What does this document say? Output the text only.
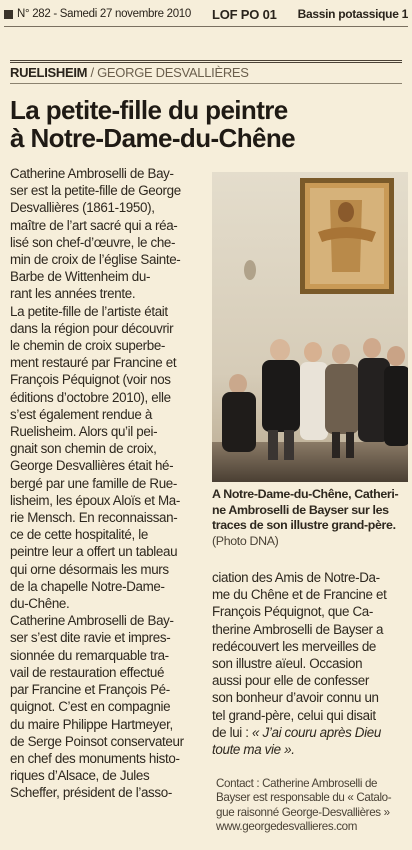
N° 282 - Samedi 27 novembre 2010 LOF PO 01 Bassin potassique 1
RUELISHEIM / GEORGE DESVALLIÈRES
La petite-fille du peintre
à Notre-Dame-du-Chêne
Catherine Ambroselli de Bay-
ser est la petite-fille de George
Desvallières (1861-1950),
maître de l’art sacré qui a réa-
lisé son chef-d’œuvre, le che-
min de croix de l’église Sainte-
Barbe de Wittenheim du-
rant les années trente.
La petite-fille de l’artiste était
dans la région pour découvrir
le chemin de croix superbe-
ment restauré par Francine et
François Péquignot (voir nos
éditions d’octobre 2010), elle
s’est également rendue à
Ruelisheim. Alors qu’il pei-
gnait son chemin de croix,
George Desvallières était hé-
bergé par une famille de Rue-
lisheim, les époux Aloïs et Ma-
rie Mensch. En reconnaissan-
ce de cette hospitalité, le
peintre leur a offert un tableau
qui orne désormais les murs
de la chapelle Notre-Dame-
du-Chêne.
Catherine Ambroselli de Bay-
ser s’est dite ravie et impres-
sionnée du remarquable tra-
vail de restauration effectué
par Francine et François Pé-
quignot. C’est en compagnie
du maire Philippe Hartmeyer,
de Serge Poinsot conservateur
en chef des monuments histo-
riques d’Alsace, de Jules
Scheffer, président de l’asso-
A Notre-Dame-du-Chêne, Catheri-
ne Ambroselli de Bayser sur les
traces de son illustre grand-père.
(Photo DNA)
ciation des Amis de Notre-Da-
me du Chêne et de Francine et
François Péquignot, que Ca-
therine Ambroselli de Bayser a
redécouvert les merveilles de
son illustre aïeul. Occasion
aussi pour elle de confesser
son bonheur d’avoir connu un
tel grand-père, celui qui disait
de lui : « J’ai couru après Dieu
toute ma vie ».
Contact : Catherine Ambroselli de
Bayser est responsable du « Catalo-
gue raisonné George-Desvallières »
www.georgedesvallieres.com
